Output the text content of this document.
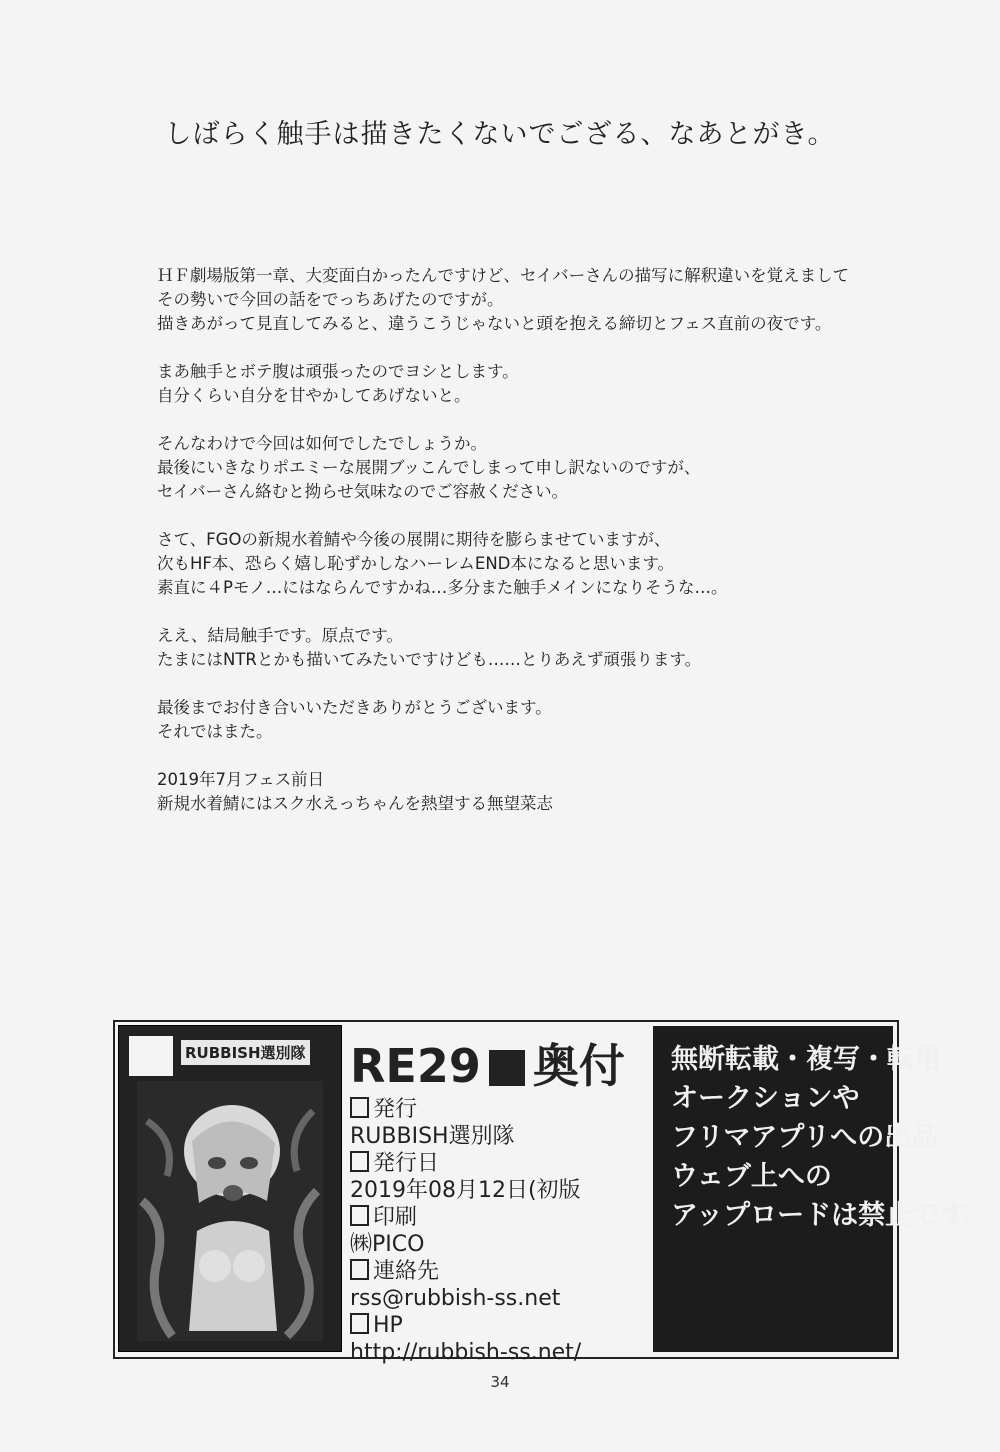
しばらく触手は描きたくないでござる、なあとがき。
ＨＦ劇場版第一章、大変面白かったんですけど、セイバーさんの描写に解釈違いを覚えまして
その勢いで今回の話をでっちあげたのですが。
描きあがって見直してみると、違うこうじゃないと頭を抱える締切とフェス直前の夜です。
まあ触手とボテ腹は頑張ったのでヨシとします。
自分くらい自分を甘やかしてあげないと。
そんなわけで今回は如何でしたでしょうか。
最後にいきなりポエミーな展開ブッこんでしまって申し訳ないのですが、
セイバーさん絡むと拗らせ気味なのでご容赦ください。
さて、FGOの新規水着鯖や今後の展開に期待を膨らませていますが、
次もHF本、恐らく嬉し恥ずかしなハーレムEND本になると思います。
素直に４Pモノ…にはならんですかね…多分また触手メインになりそうな…。
ええ、結局触手です。原点です。
たまにはNTRとかも描いてみたいですけども……とりあえず頑張ります。
最後までお付き合いいただきありがとうございます。
それではまた。
2019年7月フェス前日
新規水着鯖にはスク水えっちゃんを熱望する無望菜志
RUBBISH選別隊 RE29 奥付
発行
RUBBISH選別隊
発行日
2019年08月12日(初版
印刷
㈱PICO
連絡先
rss@rubbish-ss.net
HP
http://rubbish-ss.net/
無断転載・複写・転用
オークションや
フリマアプリへの出品
ウェブ上への
アップロードは禁止です。
34
